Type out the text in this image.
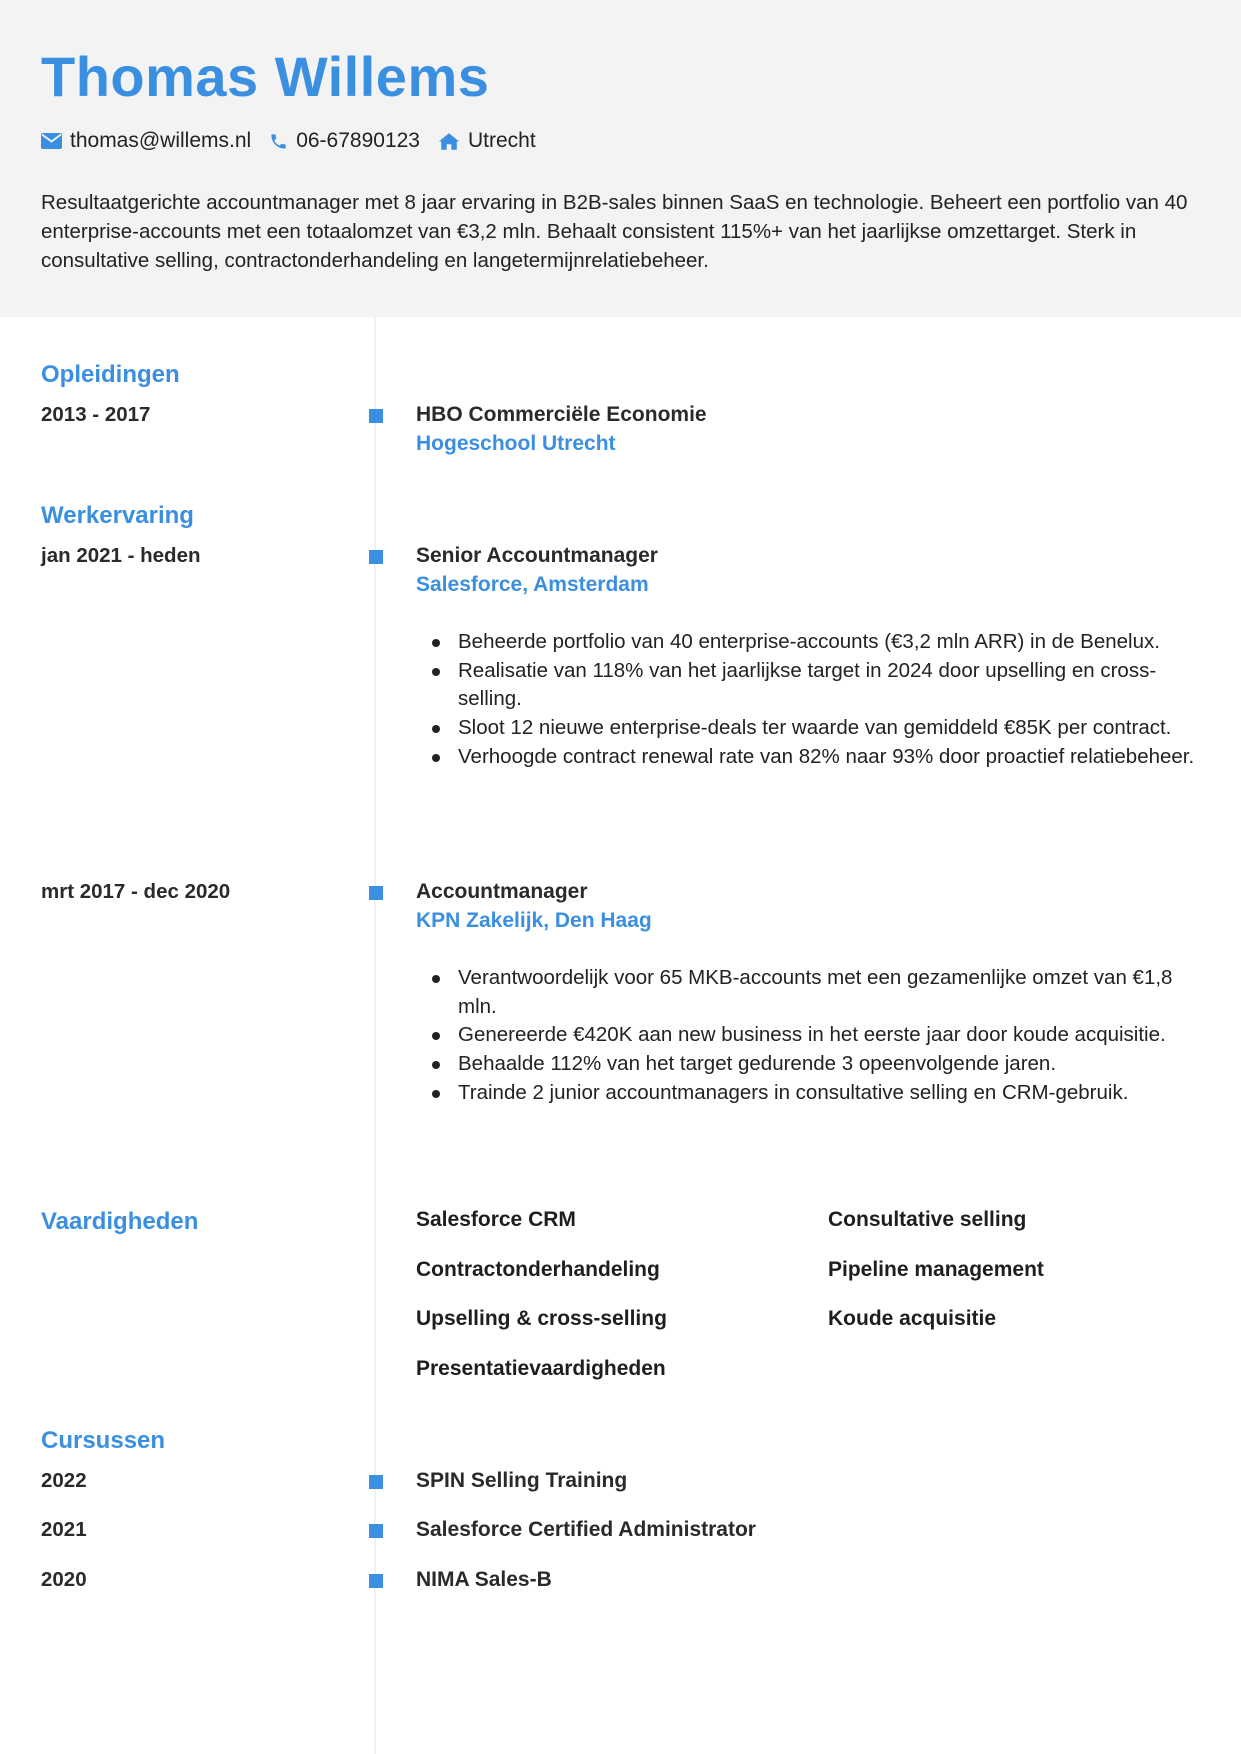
Thomas Willems
thomas@willems.nl 06-67890123 Utrecht
Resultaatgerichte accountmanager met 8 jaar ervaring in B2B-sales binnen SaaS en technologie. Beheert een portfolio van 40 enterprise-accounts met een totaalomzet van €3,2 mln. Behaalt consistent 115%+ van het jaarlijkse omzettarget. Sterk in consultative selling, contractonderhandeling en langetermijnrelatiebeheer.
Opleidingen
2013 - 2017	HBO Commerciële Economie
Hogeschool Utrecht
Werkervaring
jan 2021 - heden	Senior Accountmanager
Salesforce, Amsterdam
Beheerde portfolio van 40 enterprise-accounts (€3,2 mln ARR) in de Benelux.
Realisatie van 118% van het jaarlijkse target in 2024 door upselling en cross-selling.
Sloot 12 nieuwe enterprise-deals ter waarde van gemiddeld €85K per contract.
Verhoogde contract renewal rate van 82% naar 93% door proactief relatiebeheer.
mrt 2017 - dec 2020	Accountmanager
KPN Zakelijk, Den Haag
Verantwoordelijk voor 65 MKB-accounts met een gezamenlijke omzet van €1,8 mln.
Genereerde €420K aan new business in het eerste jaar door koude acquisitie.
Behaalde 112% van het target gedurende 3 opeenvolgende jaren.
Trainde 2 junior accountmanagers in consultative selling en CRM-gebruik.
Vaardigheden	Salesforce CRM	Consultative selling
Contractonderhandeling	Pipeline management
Upselling & cross-selling	Koude acquisitie
Presentatievaardigheden
Cursussen
2022	SPIN Selling Training
2021	Salesforce Certified Administrator
2020	NIMA Sales-B
